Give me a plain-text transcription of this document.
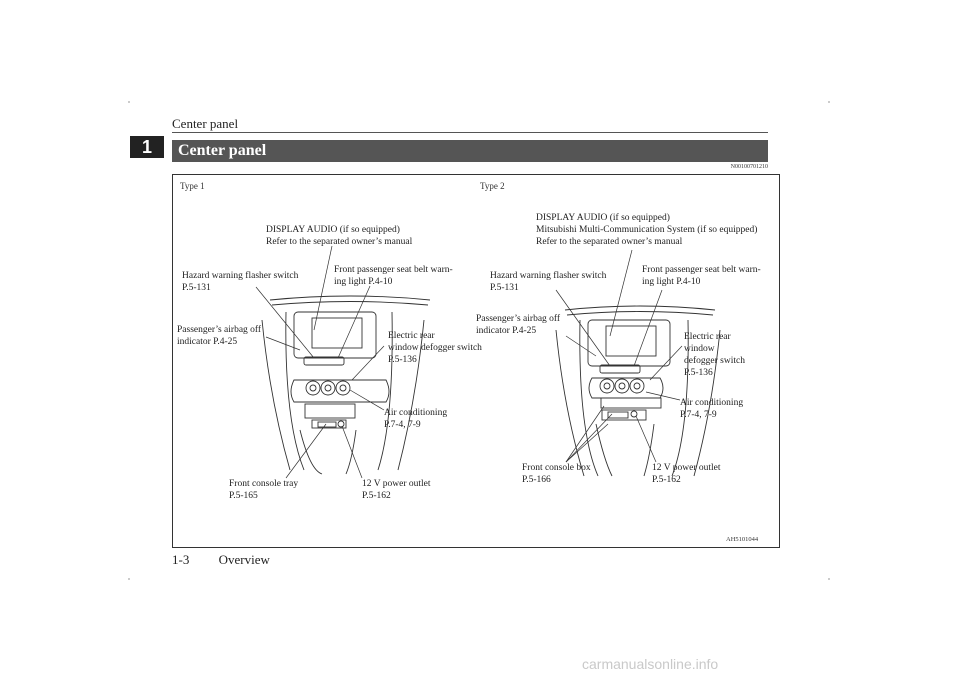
Center panel
1	Center panel
N00100701210
Type 1
DISPLAY AUDIO (if so equipped)
Refer to the separated owner’s manual
Hazard warning flasher switch
P.5-131
Front passenger seat belt warn-
ing light P.4-10
Passenger’s airbag off
indicator P.4-25
Electric rear
window defogger switch
P.5-136
Air conditioning
P.7-4, 7-9
Front console tray
P.5-165
12 V power outlet
P.5-162
Type 2
DISPLAY AUDIO (if so equipped)
Mitsubishi Multi-Communication System (if so equipped)
Refer to the separated owner’s manual
Hazard warning flasher switch
P.5-131
Front passenger seat belt warn-
ing light P.4-10
Passenger’s airbag off
indicator P.4-25
Electric rear
window
defogger switch
P.5-136
Air conditioning
P.7-4, 7-9
Front console box
P.5-166
12 V power outlet
P.5-162
AH5101044
1-3 Overview
carmanualsonline.info
